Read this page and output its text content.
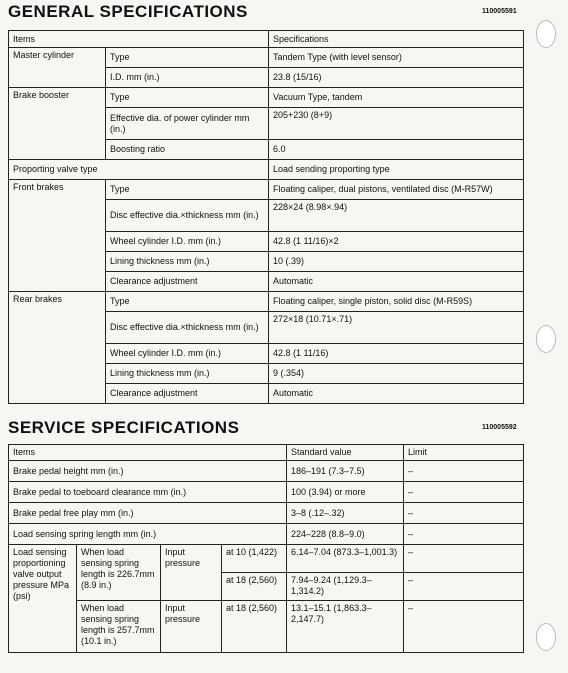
GENERAL SPECIFICATIONS	110005591
Items		Specifications
Master cylinder	Type	Tandem Type (with level sensor)
	I.D. mm (in.)	23.8 (15/16)
Brake booster	Type	Vacuum Type, tandem
	Effective dia. of power cylinder mm (in.)	205+230 (8+9)
	Boosting ratio	6.0
Proporting valve type		Load sending proporting type
Front brakes	Type	Floating caliper, dual pistons, ventilated disc (M-R57W)
	Disc effective dia.×thickness mm (in.)	228×24 (8.98×.94)
	Wheel cylinder I.D. mm (in.)	42.8 (1 11/16)×2
	Lining thickness mm (in.)	10 (.39)
	Clearance adjustment	Automatic
Rear brakes	Type	Floating caliper, single piston, solid disc (M-R59S)
	Disc effective dia.×thickness mm (in.)	272×18 (10.71×.71)
	Wheel cylinder I.D. mm (in.)	42.8 (1 11/16)
	Lining thickness mm (in.)	9 (.354)
	Clearance adjustment	Automatic
SERVICE SPECIFICATIONS	110005592
Items				Standard value	Limit
Brake pedal height mm (in.)				186–191 (7.3–7.5)	–
Brake pedal to toeboard clearance mm (in.)				100 (3.94) or more	–
Brake pedal free play mm (in.)				3–8 (.12–.32)	–
Load sensing spring length mm (in.)				224–228 (8.8–9.0)	–
Load sensing proportioning valve output pressure MPa (psi)	When load sensing spring length is 226.7mm (8.9 in.)	Input pressure	at 10 (1,422)	6.14–7.04 (873.3–1,001.3)	–
			at 18 (2,560)	7.94–9.24 (1,129.3–1,314.2)	–
	When load sensing spring length is 257.7mm (10.1 in.)	Input pressure	at 18 (2,560)	13.1–15.1 (1,863.3–2,147.7)	–
